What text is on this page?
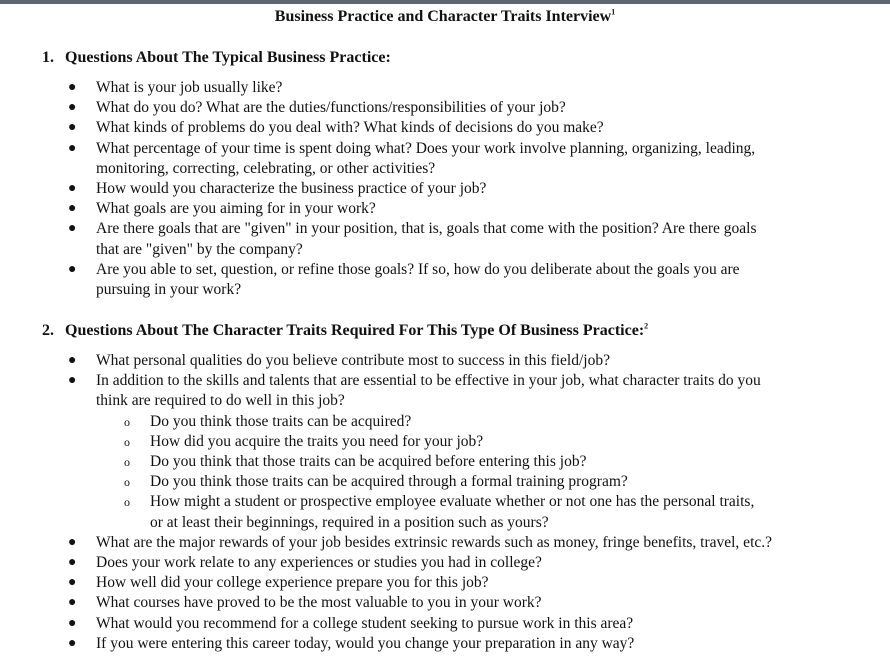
Business Practice and Character Traits Interview$^1$
1. Questions About The Typical Business Practice:
● What is your job usually like?
● What do you do? What are the duties/functions/responsibilities of your job?
● What kinds of problems do you deal with? What kinds of decisions do you make?
● What percentage of your time is spent doing what? Does your work involve planning, organizing, leading,
monitoring, correcting, celebrating, or other activities?
● How would you characterize the business practice of your job?
● What goals are you aiming for in your work?
● Are there goals that are "given" in your position, that is, goals that come with the position? Are there goals
that are "given" by the company?
● Are you able to set, question, or refine those goals? If so, how do you deliberate about the goals you are
pursuing in your work?
2. Questions About The Character Traits Required For This Type Of Business Practice:$^2$
● What personal qualities do you believe contribute most to success in this field/job?
● In addition to the skills and talents that are essential to be effective in your job, what character traits do you
think are required to do well in this job?
o Do you think those traits can be acquired?
o How did you acquire the traits you need for your job?
o Do you think that those traits can be acquired before entering this job?
o Do you think those traits can be acquired through a formal training program?
o How might a student or prospective employee evaluate whether or not one has the personal traits,
or at least their beginnings, required in a position such as yours?
● What are the major rewards of your job besides extrinsic rewards such as money, fringe benefits, travel, etc.?
● Does your work relate to any experiences or studies you had in college?
● How well did your college experience prepare you for this job?
● What courses have proved to be the most valuable to you in your work?
● What would you recommend for a college student seeking to pursue work in this area?
● If you were entering this career today, would you change your preparation in any way?
